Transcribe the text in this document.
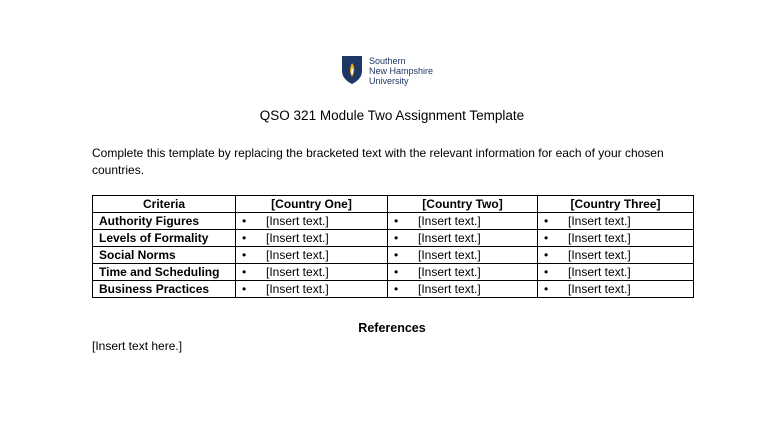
Southern
New Hampshire
University
QSO 321 Module Two Assignment Template
Complete this template by replacing the bracketed text with the relevant information for each of your chosen countries.
Criteria	[Country One]	[Country Two]	[Country Three]
Authority Figures	• [Insert text.]	• [Insert text.]	• [Insert text.]
Levels of Formality	• [Insert text.]	• [Insert text.]	• [Insert text.]
Social Norms	• [Insert text.]	• [Insert text.]	• [Insert text.]
Time and Scheduling	• [Insert text.]	• [Insert text.]	• [Insert text.]
Business Practices	• [Insert text.]	• [Insert text.]	• [Insert text.]
References
[Insert text here.]
